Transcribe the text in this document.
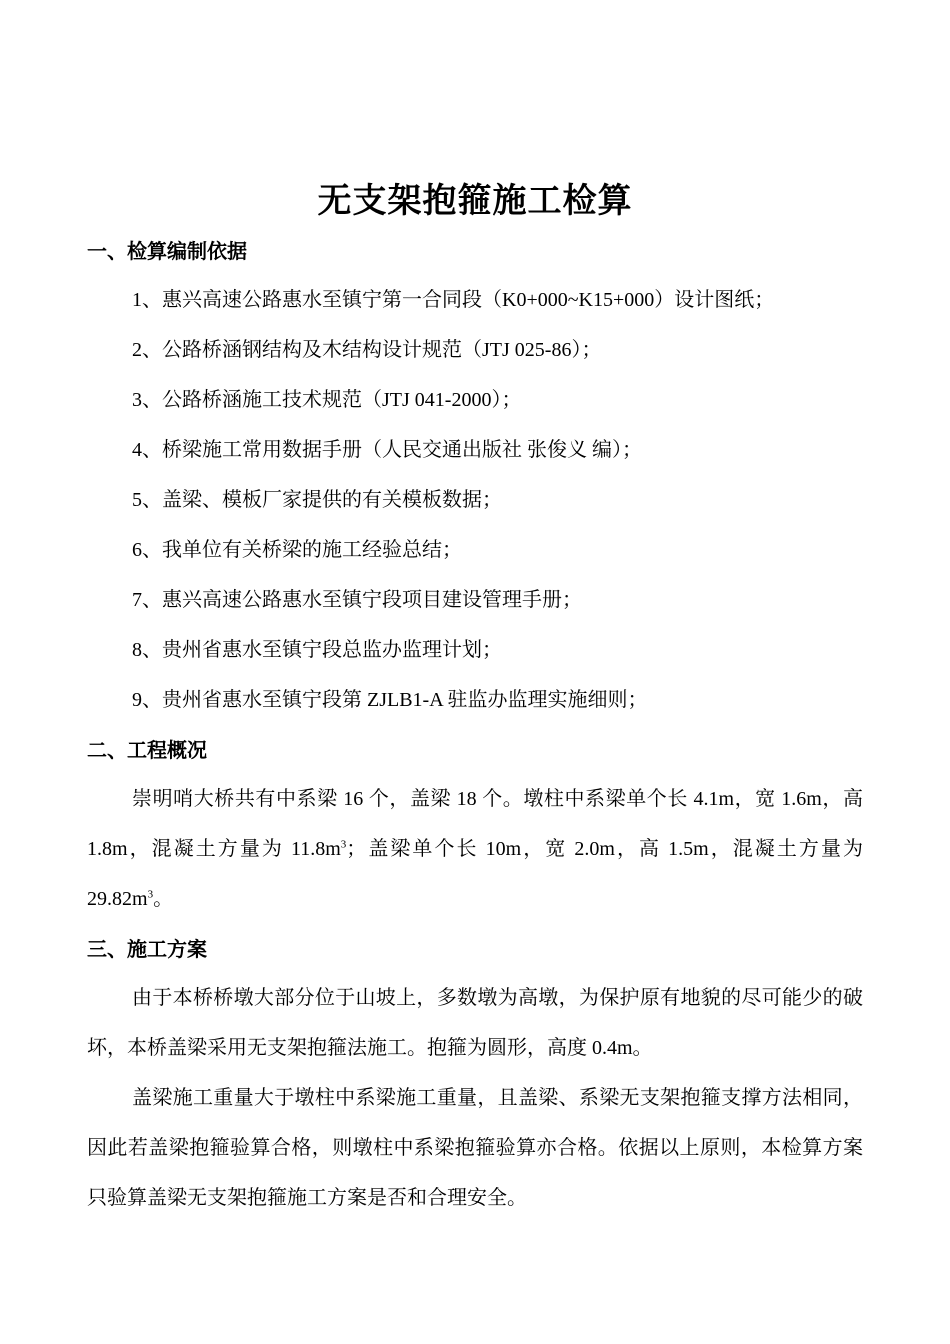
无支架抱箍施工检算
一、检算编制依据
1、惠兴高速公路惠水至镇宁第一合同段（K0+000~K15+000）设计图纸；
2、公路桥涵钢结构及木结构设计规范（JTJ 025-86）；
3、公路桥涵施工技术规范（JTJ 041-2000）；
4、桥梁施工常用数据手册（人民交通出版社 张俊义 编）；
5、盖梁、模板厂家提供的有关模板数据；
6、我单位有关桥梁的施工经验总结；
7、惠兴高速公路惠水至镇宁段项目建设管理手册；
8、贵州省惠水至镇宁段总监办监理计划；
9、贵州省惠水至镇宁段第 ZJLB1-A 驻监办监理实施细则；
二、工程概况
崇明哨大桥共有中系梁 16 个，盖梁 18 个。墩柱中系梁单个长 4.1m，宽 1.6m，高 1.8m，混凝土方量为 $11.8m^3$；盖梁单个长 10m，宽 2.0m，高 1.5m，混凝土方量为 $29.82m^3$。
三、施工方案
由于本桥桥墩大部分位于山坡上，多数墩为高墩，为保护原有地貌的尽可能少的破坏，本桥盖梁采用无支架抱箍法施工。抱箍为圆形，高度 0.4m。
盖梁施工重量大于墩柱中系梁施工重量，且盖梁、系梁无支架抱箍支撑方法相同，因此若盖梁抱箍验算合格，则墩柱中系梁抱箍验算亦合格。依据以上原则，本检算方案只验算盖梁无支架抱箍施工方案是否和合理安全。
